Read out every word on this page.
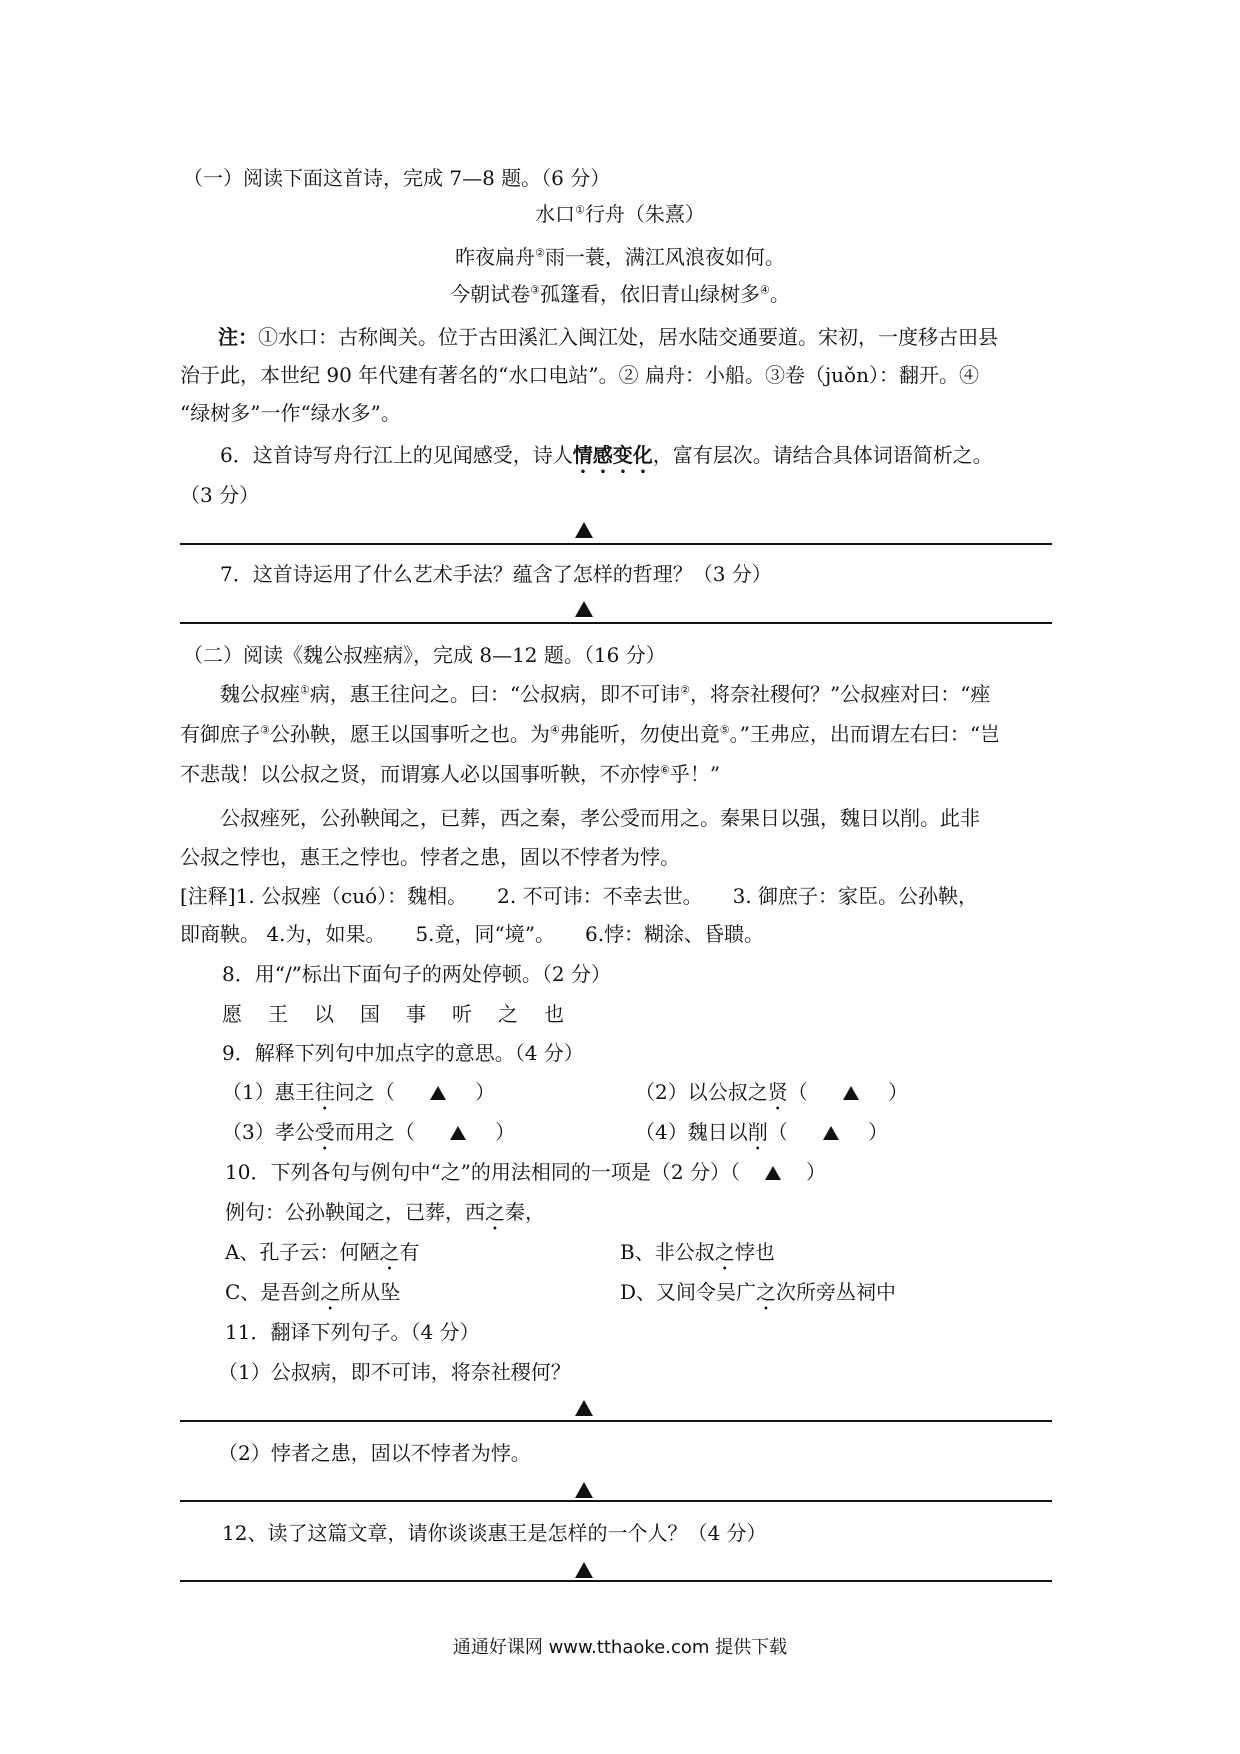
（一）阅读下面这首诗，完成 7—8 题。（6 分）
水口①行舟（朱熹）
昨夜扁舟②雨一蓑，满江风浪夜如何。
今朝试卷③孤篷看，依旧青山绿树多④。
注：①水口：古称闽关。位于古田溪汇入闽江处，居水陆交通要道。宋初，一度移古田县
治于此，本世纪 90 年代建有著名的“水口电站”。② 扁舟：小船。③卷（juǒn）：翻开。④
“绿树多”一作“绿水多”。
6．这首诗写舟行江上的见闻感受，诗人情感变化，富有层次。请结合具体词语简析之。
（3 分）
7．这首诗运用了什么艺术手法？蕴含了怎样的哲理？（3 分）
（二）阅读《魏公叔痤病》，完成 8—12 题。（16 分）
魏公叔痤①病，惠王往问之。曰：“公叔病，即不可讳②，将奈社稷何？”公叔痤对曰：“痤
有御庶子③公孙鞅，愿王以国事听之也。为④弗能听，勿使出竟⑤。”王弗应，出而谓左右曰：“岂
不悲哉！以公叔之贤，而谓寡人必以国事听鞅，不亦悖⑥乎！”
公叔痤死，公孙鞅闻之，已葬，西之秦，孝公受而用之。秦果日以强，魏日以削。此非
公叔之悖也，惠王之悖也。悖者之患，固以不悖者为悖。
[注释]1. 公叔痤（cuó）：魏相。　　2. 不可讳：不幸去世。　　3. 御庶子：家臣。公孙鞅，
即商鞅。 4.为，如果。　　5.竟，同“境”。　　6.悖：糊涂、昏聩。
8．用“/”标出下面句子的两处停顿。（2 分）
愿王以国事听之也
9．解释下列句中加点字的意思。（4 分）
（1）惠王往问之（	）	（2）以公叔之贤（	）
（3）孝公受而用之（	）	（4）魏日以削（	）
10．下列各句与例句中“之”的用法相同的一项是（2 分）（	）
例句：公孙鞅闻之，已葬，西之秦，
A、孔子云：何陋之有	B、非公叔之悖也
C、是吾剑之所从坠	D、又间令吴广之次所旁丛祠中
11．翻译下列句子。（4 分）
（1）公叔病，即不可讳，将奈社稷何？
（2）悖者之患，固以不悖者为悖。
12、读了这篇文章，请你谈谈惠王是怎样的一个人？（4 分）
通通好课网 www.tthaoke.com 提供下载
